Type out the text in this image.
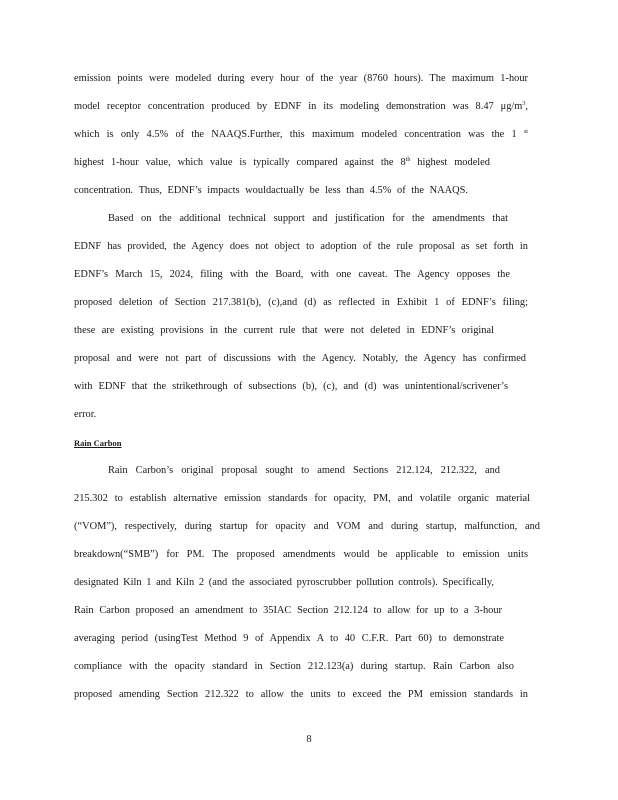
emission points were modeled during every hour of the year (8760 hours). The maximum 1-hour
model receptor concentration produced by EDNF in its modeling demonstration was 8.47 $\mu g/m^3$,
which is only 4.5% of the NAAQS.Further, this maximum modeled concentration was the 1 $^{st}$
highest 1-hour value, which value is typically compared against the 8th highest modeled
concentration. Thus, EDNF’s impacts wouldactually be less than 4.5% of the NAAQS.
Based on the additional technical support and justification for the amendments that
EDNF has provided, the Agency does not object to adoption of the rule proposal as set forth in
EDNF’s March 15, 2024, filing with the Board, with one caveat. The Agency opposes the
proposed deletion of Section 217.381(b), (c),and (d) as reflected in Exhibit 1 of EDNF’s filing;
these are existing provisions in the current rule that were not deleted in EDNF’s original
proposal and were not part of discussions with the Agency. Notably, the Agency has confirmed
with EDNF that the strikethrough of subsections (b), (c), and (d) was unintentional/scrivener’s
error.
Rain Carbon
Rain Carbon’s original proposal sought to amend Sections 212.124, 212.322, and
215.302 to establish alternative emission standards for opacity, PM, and volatile organic material
(“VOM”), respectively, during startup for opacity and VOM and during startup, malfunction, and
breakdown(“SMB”) for PM. The proposed amendments would be applicable to emission units
designated Kiln 1 and Kiln 2 (and the associated pyroscrubber pollution controls). Specifically,
Rain Carbon proposed an amendment to 35IAC Section 212.124 to allow for up to a 3-hour
averaging period (usingTest Method 9 of Appendix A to 40 C.F.R. Part 60) to demonstrate
compliance with the opacity standard in Section 212.123(a) during startup. Rain Carbon also
proposed amending Section 212.322 to allow the units to exceed the PM emission standards in
8
